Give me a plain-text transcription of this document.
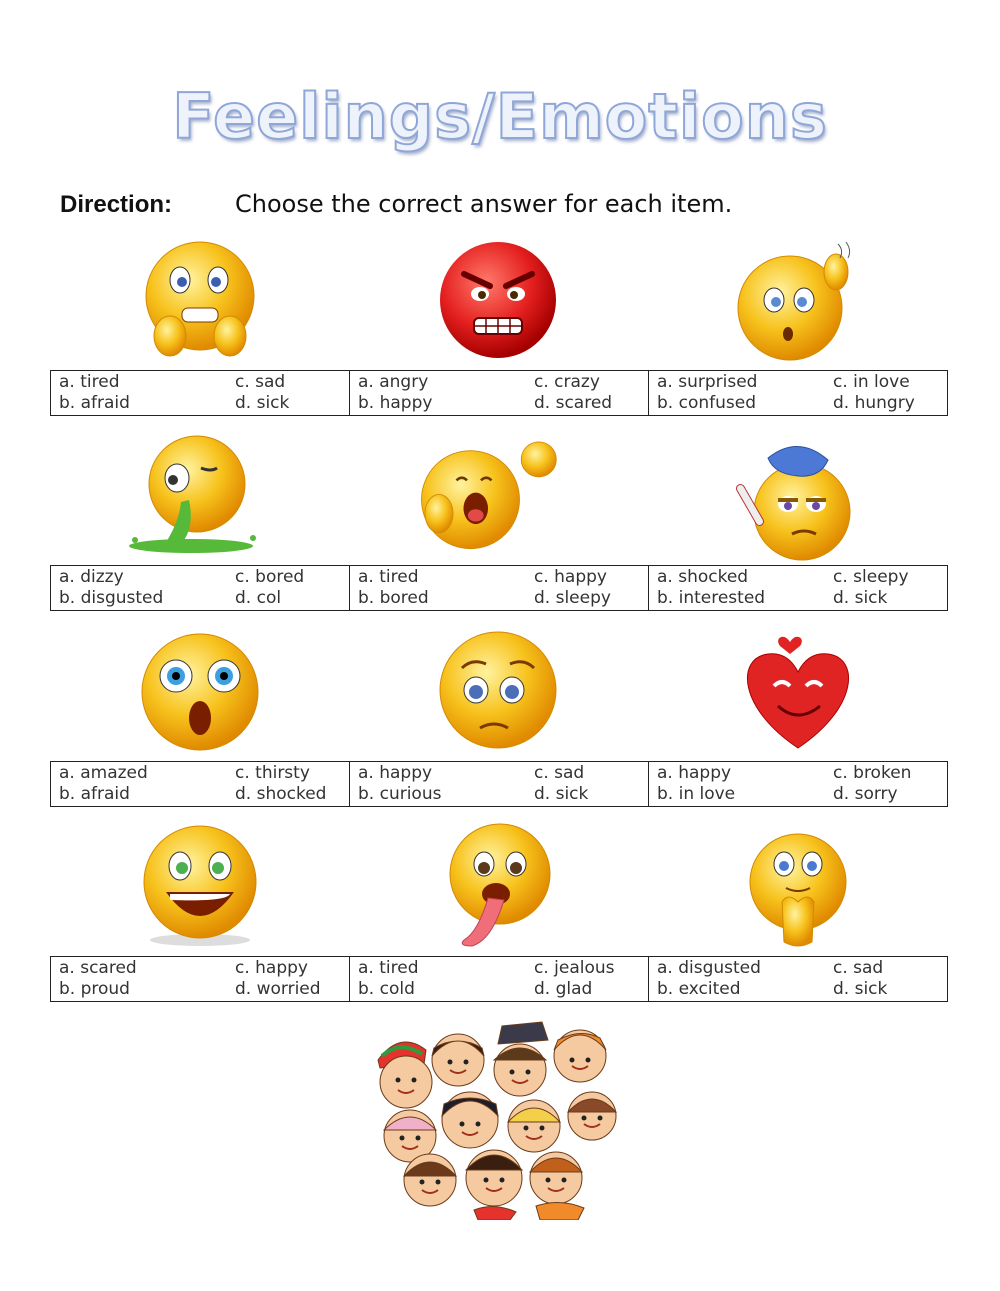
Feelings/Emotions
Direction:	Choose the correct answer for each item.
a. tired	c. sad
b. afraid	d. sick

a. angry	c. crazy
b. happy	d. scared

a. surprised	c. in love
b. confused	d. hungry
a. dizzy	c. bored
b. disgusted	d. col

a. tired	c. happy
b. bored	d. sleepy

a. shocked	c. sleepy
b. interested	d. sick
a. amazed	c. thirsty
b. afraid	d. shocked

a. happy	c. sad
b. curious	d. sick

a. happy	c. broken
b. in love	d. sorry
a. scared	c. happy
b. proud	d. worried

a. tired	c. jealous
b. cold	d. glad

a. disgusted	c. sad
b. excited	d. sick
